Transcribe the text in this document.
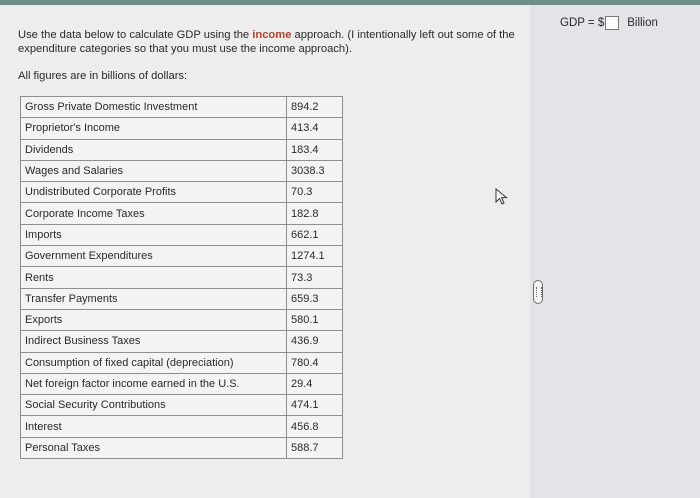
Use the data below to calculate GDP using the income approach. (I intentionally left out some of the expenditure categories so that you must use the income approach).
All figures are in billions of dollars:
Gross Private Domestic Investment	894.2
Proprietor's Income	413.4
Dividends	183.4
Wages and Salaries	3038.3
Undistributed Corporate Profits	70.3
Corporate Income Taxes	182.8
Imports	662.1
Government Expenditures	1274.1
Rents	73.3
Transfer Payments	659.3
Exports	580.1
Indirect Business Taxes	436.9
Consumption of fixed capital (depreciation)	780.4
Net foreign factor income earned in the U.S.	29.4
Social Security Contributions	474.1
Interest	456.8
Personal Taxes	588.7
GDP = $ Billion
